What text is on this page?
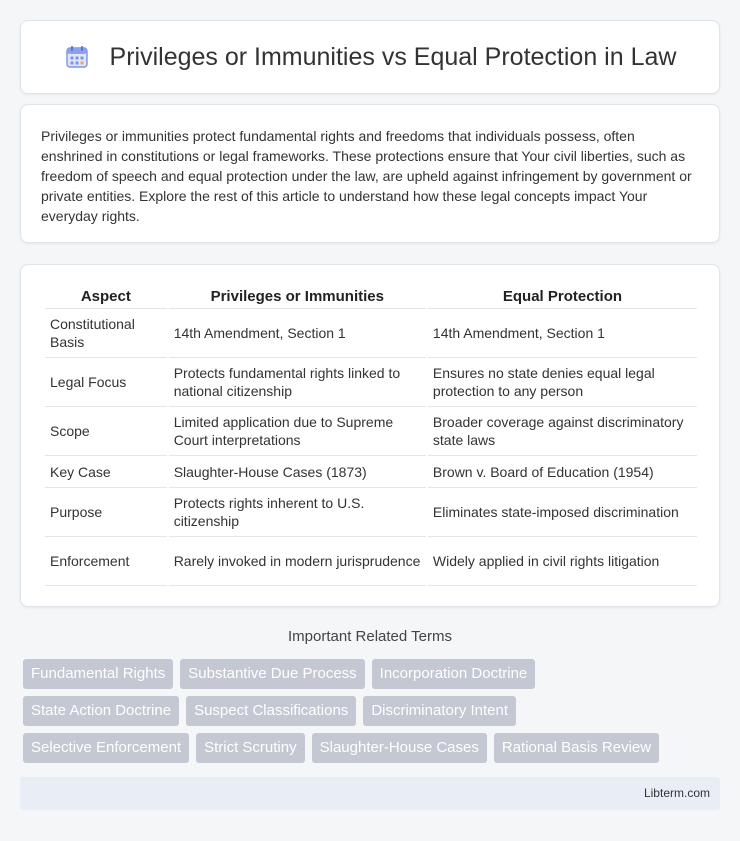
Privileges or Immunities vs Equal Protection in Law

Privileges or immunities protect fundamental rights and freedoms that individuals possess, often enshrined in constitutions or legal frameworks. These protections ensure that Your civil liberties, such as freedom of speech and equal protection under the law, are upheld against infringement by government or private entities. Explore the rest of this article to understand how these legal concepts impact Your everyday rights.

Aspect	Privileges or Immunities	Equal Protection
Constitutional Basis	14th Amendment, Section 1	14th Amendment, Section 1
Legal Focus	Protects fundamental rights linked to national citizenship	Ensures no state denies equal legal protection to any person
Scope	Limited application due to Supreme Court interpretations	Broader coverage against discriminatory state laws
Key Case	Slaughter-House Cases (1873)	Brown v. Board of Education (1954)
Purpose	Protects rights inherent to U.S. citizenship	Eliminates state-imposed discrimination
Enforcement	Rarely invoked in modern jurisprudence	Widely applied in civil rights litigation
Important Related Terms
Fundamental Rights	Substantive Due Process	Incorporation Doctrine
State Action Doctrine	Suspect Classifications	Discriminatory Intent
Selective Enforcement	Strict Scrutiny	Slaughter-House Cases	Rational Basis Review
Libterm.com
